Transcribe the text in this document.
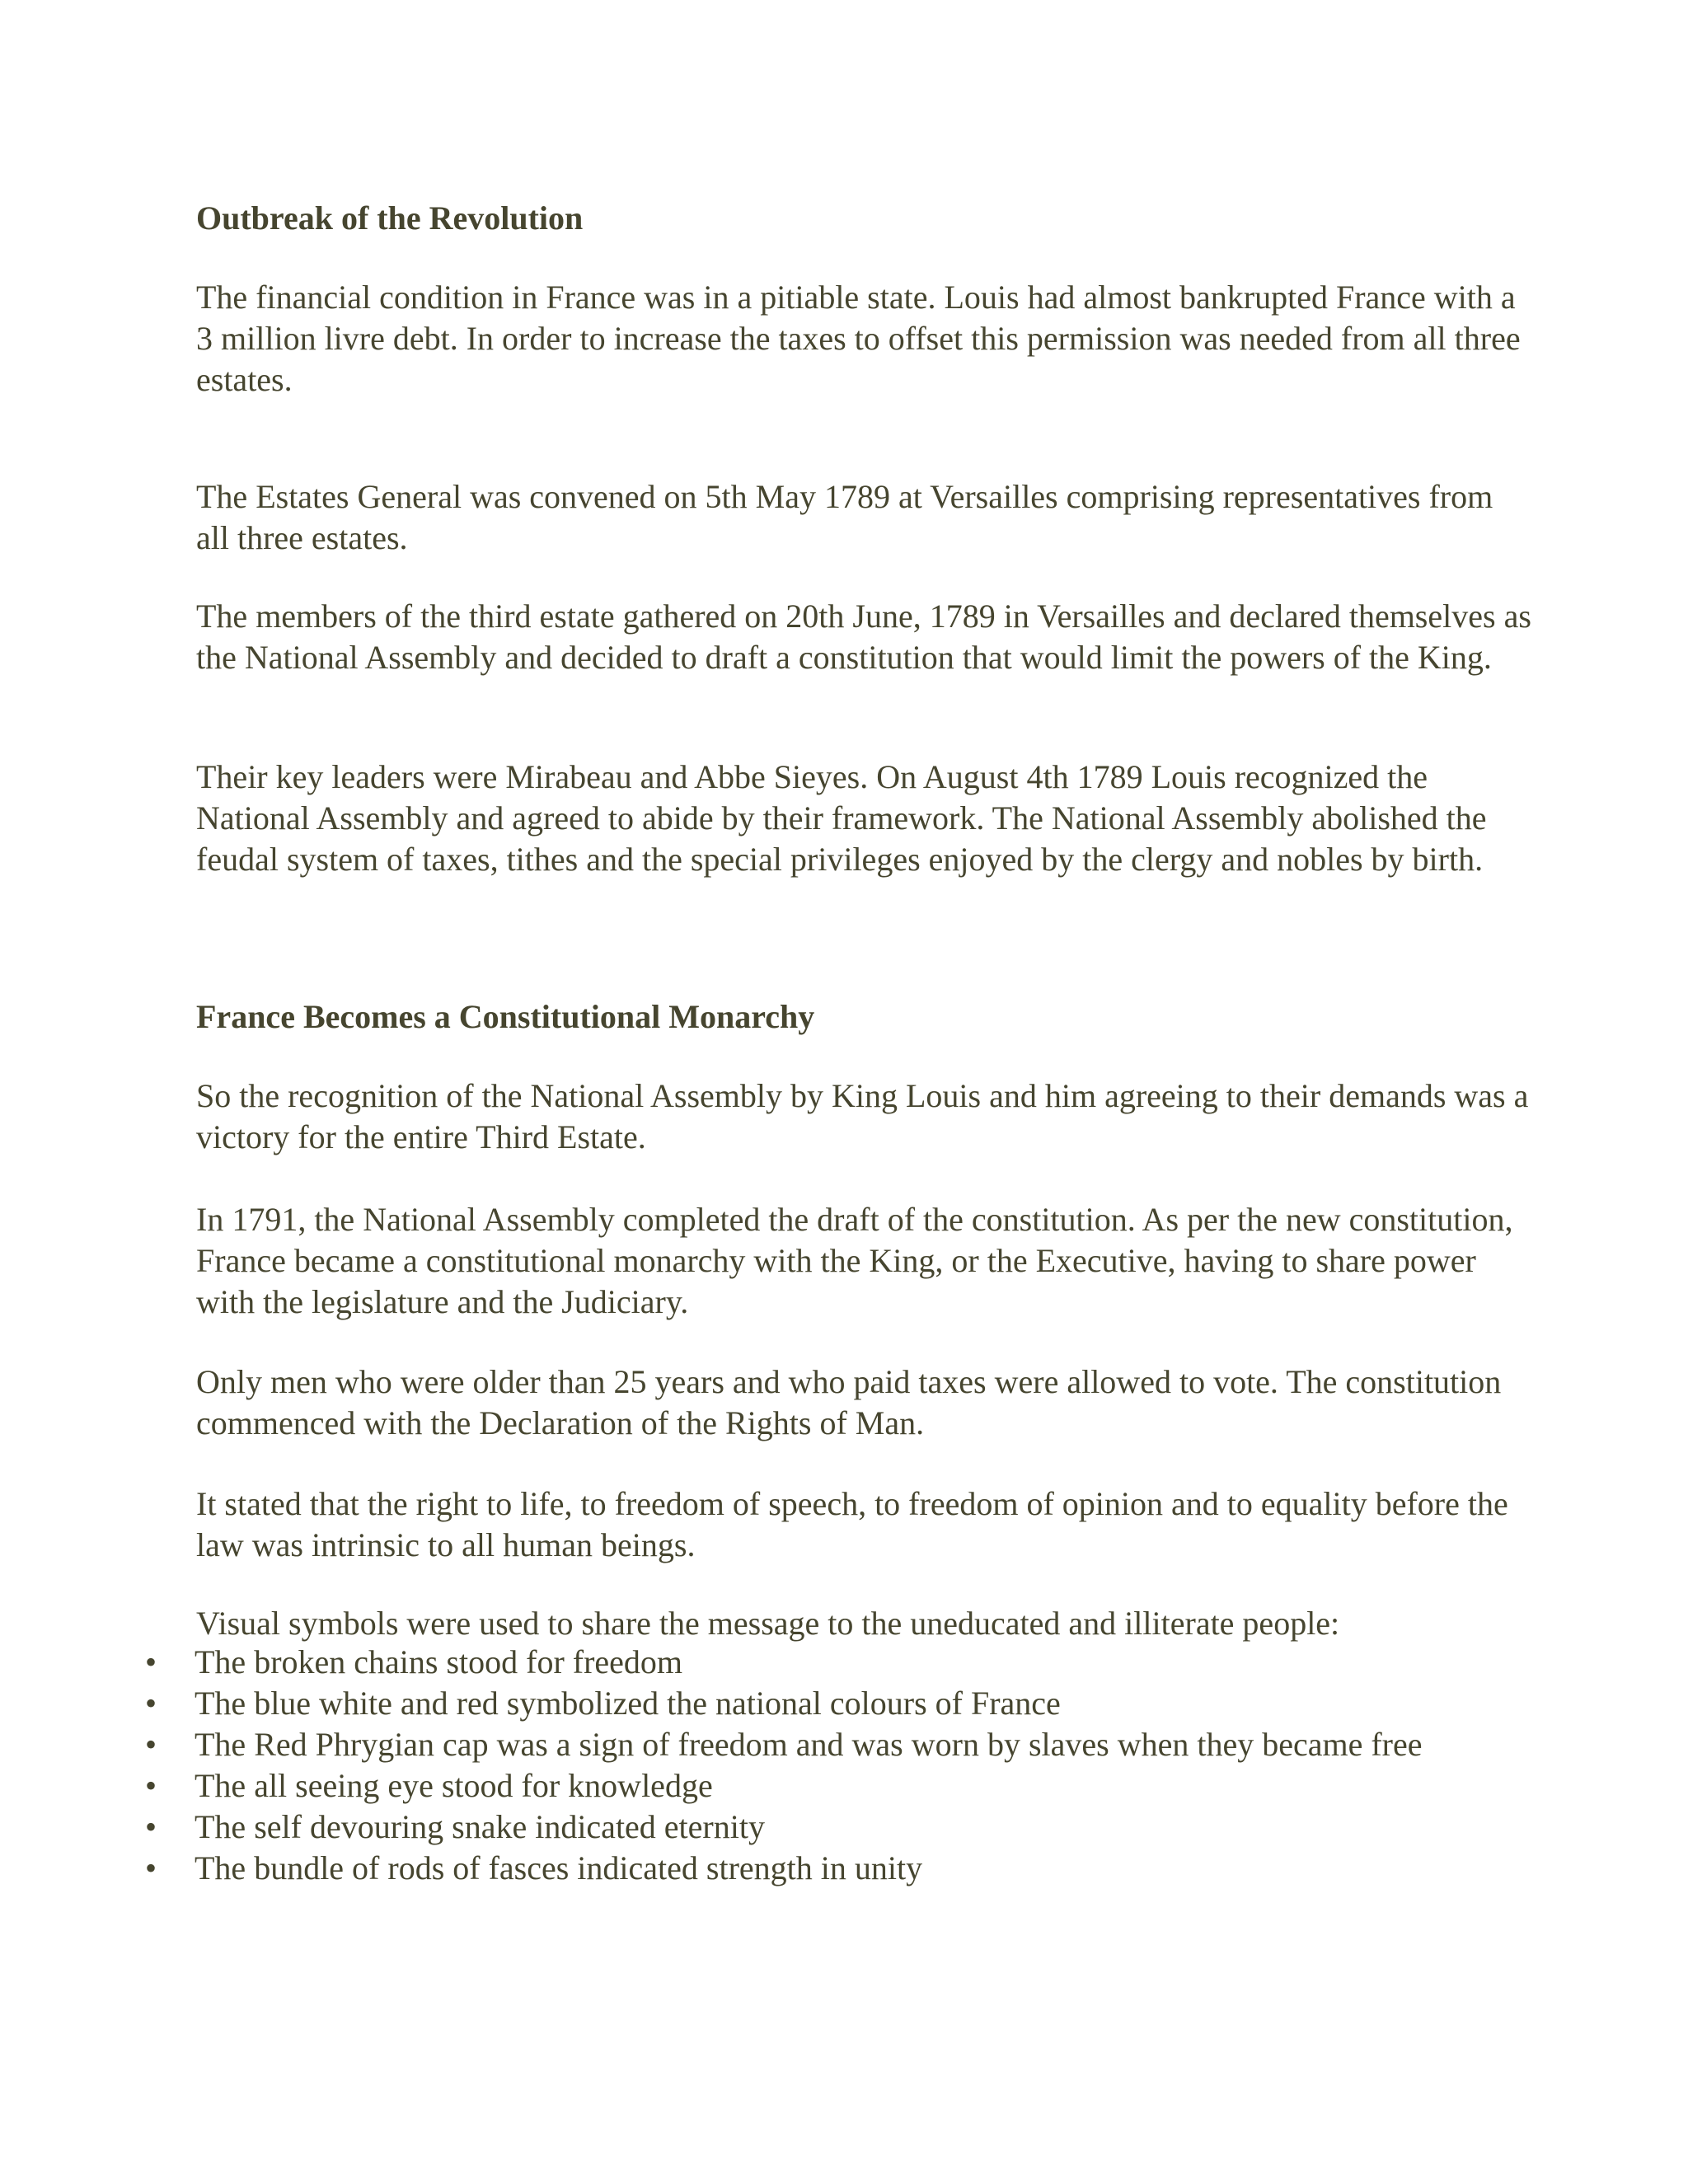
Outbreak of the Revolution

The financial condition in France was in a pitiable state. Louis had almost bankrupted France with a 3 million livre debt. In order to increase the taxes to offset this permission was needed from all three estates.

The Estates General was convened on 5th May 1789 at Versailles comprising representatives from all three estates.

The members of the third estate gathered on 20th June, 1789 in Versailles and declared themselves as the National Assembly and decided to draft a constitution that would limit the powers of the King.

Their key leaders were Mirabeau and Abbe Sieyes. On August 4th 1789 Louis recognized the National Assembly and agreed to abide by their framework. The National Assembly abolished the feudal system of taxes, tithes and the special privileges enjoyed by the clergy and nobles by birth.

France Becomes a Constitutional Monarchy

So the recognition of the National Assembly by King Louis and him agreeing to their demands was a victory for the entire Third Estate.

In 1791, the National Assembly completed the draft of the constitution. As per the new constitution, France became a constitutional monarchy with the King, or the Executive, having to share power with the legislature and the Judiciary.

Only men who were older than 25 years and who paid taxes were allowed to vote. The constitution commenced with the Declaration of the Rights of Man.

It stated that the right to life, to freedom of speech, to freedom of opinion and to equality before the law was intrinsic to all human beings.

Visual symbols were used to share the message to the uneducated and illiterate people:

•	The broken chains stood for freedom
•	The blue white and red symbolized the national colours of France
•	The Red Phrygian cap was a sign of freedom and was worn by slaves when they became free
•	The all seeing eye stood for knowledge
•	The self devouring snake indicated eternity
•	The bundle of rods of fasces indicated strength in unity
